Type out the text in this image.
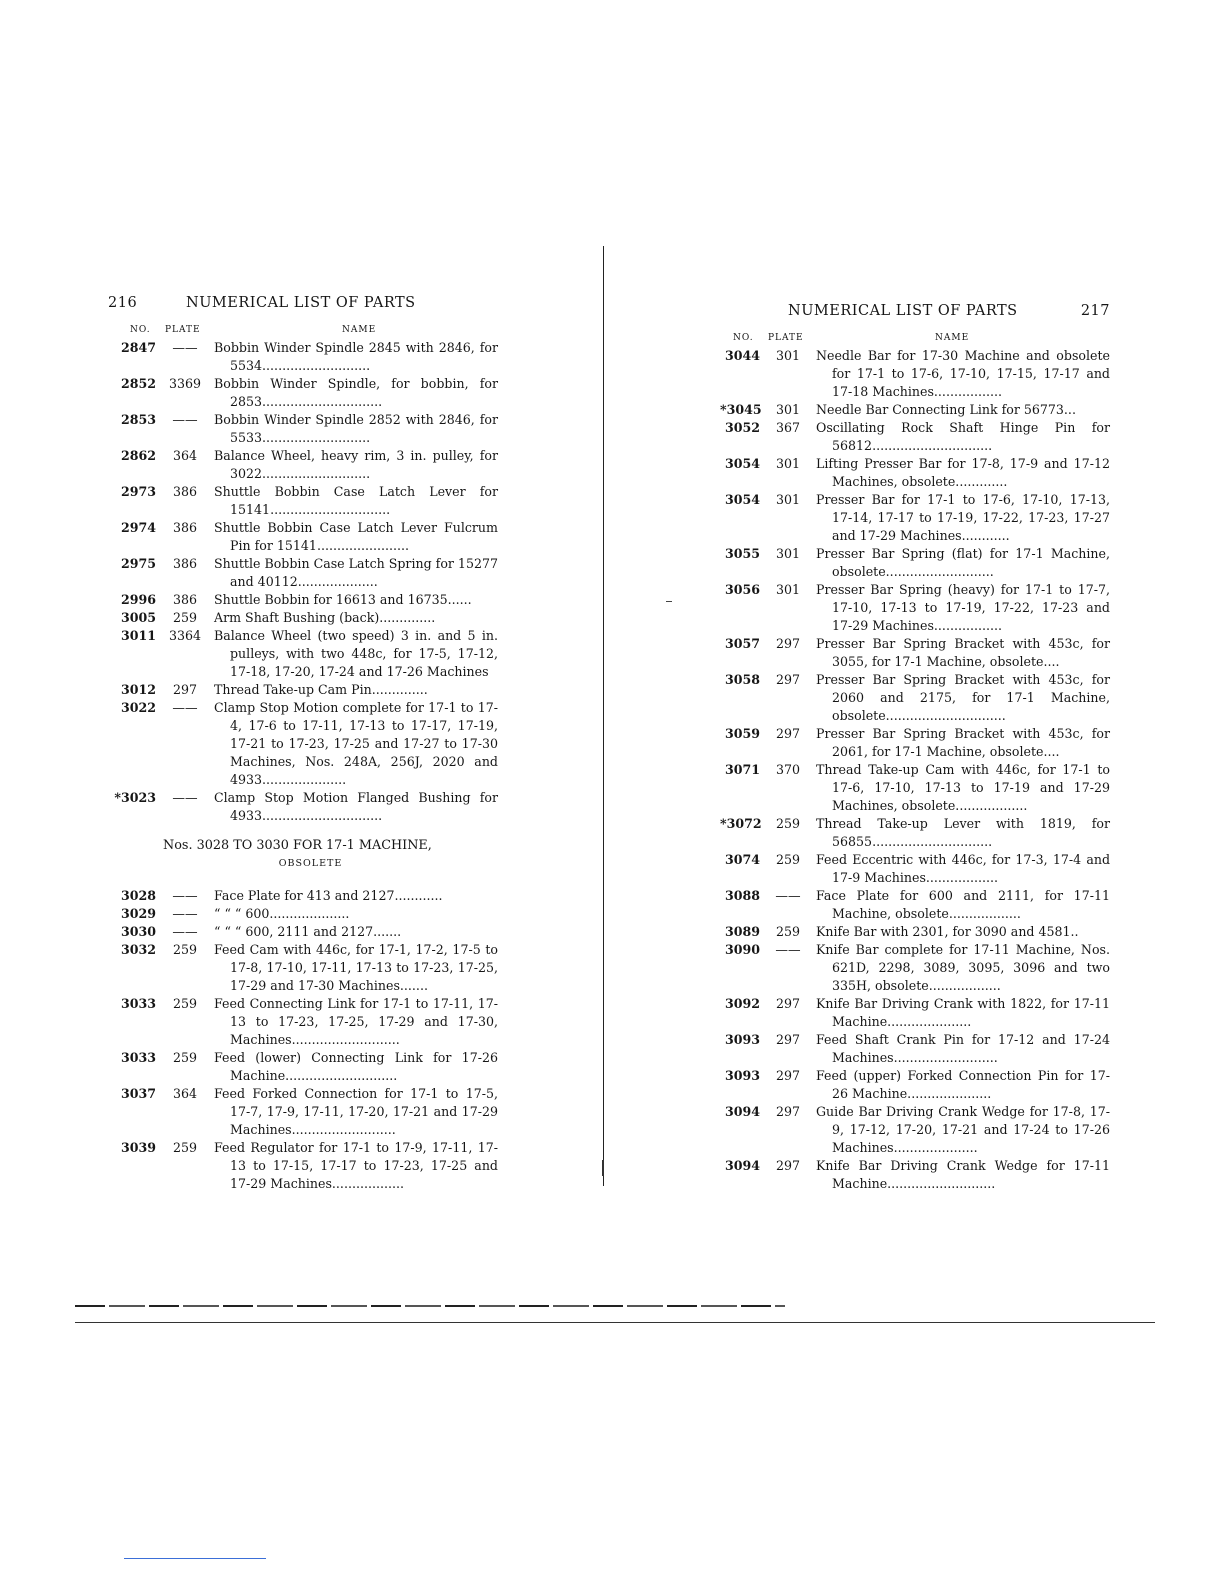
216	NUMERICAL LIST OF PARTS
NO. PLATE	NAME
2847	——	Bobbin Winder Spindle 2845 with 2846, for 5534...........................
2852	3369	Bobbin Winder Spindle, for bobbin, for 2853..............................
2853	——	Bobbin Winder Spindle 2852 with 2846, for 5533...........................
2862	364	Balance Wheel, heavy rim, 3 in. pulley, for 3022...........................
2973	386	Shuttle Bobbin Case Latch Lever for 15141..............................
2974	386	Shuttle Bobbin Case Latch Lever Fulcrum Pin for 15141.......................
2975	386	Shuttle Bobbin Case Latch Spring for 15277 and 40112....................
2996	386	Shuttle Bobbin for 16613 and 16735......
3005	259	Arm Shaft Bushing (back)..............
3011	3364	Balance Wheel (two speed) 3 in. and 5 in. pulleys, with two 448c, for 17-5, 17-12, 17-18, 17-20, 17-24 and 17-26 Machines
3012	297	Thread Take-up Cam Pin..............
3022	——	Clamp Stop Motion complete for 17-1 to 17-4, 17-6 to 17-11, 17-13 to 17-17, 17-19, 17-21 to 17-23, 17-25 and 17-27 to 17-30 Machines, Nos. 248A, 256J, 2020 and 4933.....................
*3023	——	Clamp Stop Motion Flanged Bushing for 4933..............................
Nos. 3028 TO 3030 FOR 17-1 MACHINE,
OBSOLETE
3028	——	Face Plate for 413 and 2127............
3029	——	“ “ “ 600....................
3030	——	“ “ “ 600, 2111 and 2127.......
3032	259	Feed Cam with 446c, for 17-1, 17-2, 17-5 to 17-8, 17-10, 17-11, 17-13 to 17-23, 17-25, 17-29 and 17-30 Machines.......
3033	259	Feed Connecting Link for 17-1 to 17-11, 17-13 to 17-23, 17-25, 17-29 and 17-30, Machines...........................
3033	259	Feed (lower) Connecting Link for 17-26 Machine............................
3037	364	Feed Forked Connection for 17-1 to 17-5, 17-7, 17-9, 17-11, 17-20, 17-21 and 17-29 Machines..........................
3039	259	Feed Regulator for 17-1 to 17-9, 17-11, 17-13 to 17-15, 17-17 to 17-23, 17-25 and 17-29 Machines..................
NUMERICAL LIST OF PARTS	217
NO. PLATE	NAME
3044	301	Needle Bar for 17-30 Machine and obsolete for 17-1 to 17-6, 17-10, 17-15, 17-17 and 17-18 Machines.................
*3045	301	Needle Bar Connecting Link for 56773...
3052	367	Oscillating Rock Shaft Hinge Pin for 56812..............................
3054	301	Lifting Presser Bar for 17-8, 17-9 and 17-12 Machines, obsolete.............
3054	301	Presser Bar for 17-1 to 17-6, 17-10, 17-13, 17-14, 17-17 to 17-19, 17-22, 17-23, 17-27 and 17-29 Machines............
3055	301	Presser Bar Spring (flat) for 17-1 Machine, obsolete...........................
3056	301	Presser Bar Spring (heavy) for 17-1 to 17-7, 17-10, 17-13 to 17-19, 17-22, 17-23 and 17-29 Machines.................
3057	297	Presser Bar Spring Bracket with 453c, for 3055, for 17-1 Machine, obsolete....
3058	297	Presser Bar Spring Bracket with 453c, for 2060 and 2175, for 17-1 Machine, obsolete..............................
3059	297	Presser Bar Spring Bracket with 453c, for 2061, for 17-1 Machine, obsolete....
3071	370	Thread Take-up Cam with 446c, for 17-1 to 17-6, 17-10, 17-13 to 17-19 and 17-29 Machines, obsolete..................
*3072	259	Thread Take-up Lever with 1819, for 56855..............................
3074	259	Feed Eccentric with 446c, for 17-3, 17-4 and 17-9 Machines..................
3088	——	Face Plate for 600 and 2111, for 17-11 Machine, obsolete..................
3089	259	Knife Bar with 2301, for 3090 and 4581..
3090	——	Knife Bar complete for 17-11 Machine, Nos. 621D, 2298, 3089, 3095, 3096 and two 335H, obsolete..................
3092	297	Knife Bar Driving Crank with 1822, for 17-11 Machine.....................
3093	297	Feed Shaft Crank Pin for 17-12 and 17-24 Machines..........................
3093	297	Feed (upper) Forked Connection Pin for 17-26 Machine.....................
3094	297	Guide Bar Driving Crank Wedge for 17-8, 17-9, 17-12, 17-20, 17-21 and 17-24 to 17-26 Machines.....................
3094	297	Knife Bar Driving Crank Wedge for 17-11 Machine...........................
